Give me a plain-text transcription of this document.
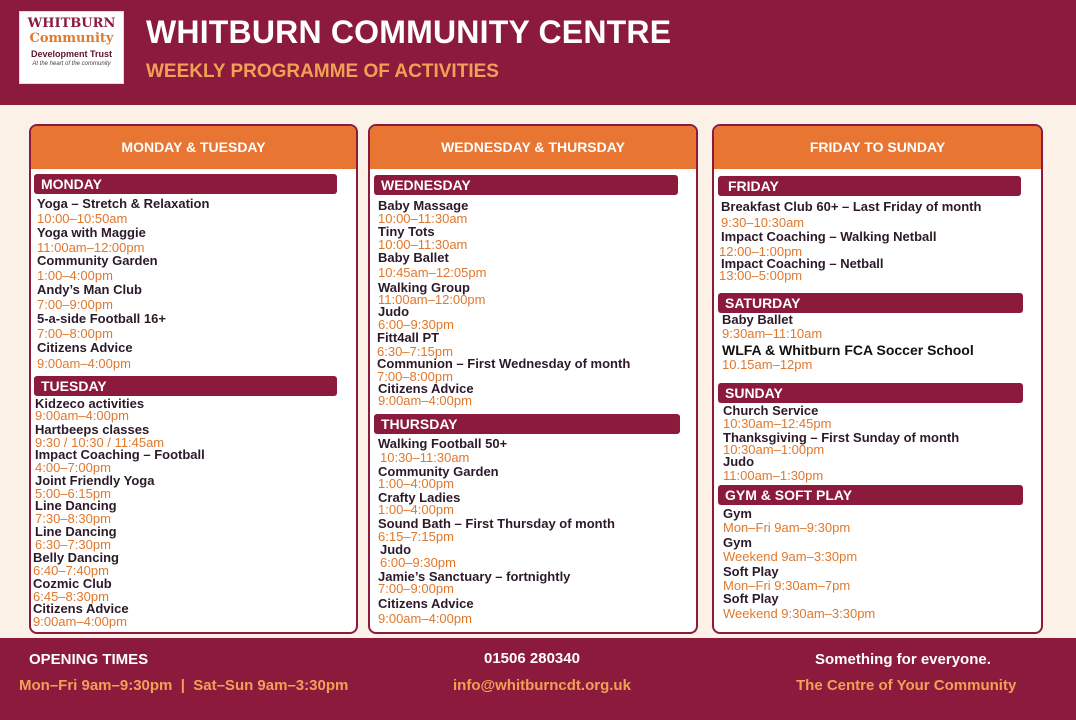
WHITBURN
Community
Development Trust
At the heart of the community
WHITBURN COMMUNITY CENTRE
WEEKLY PROGRAMME OF ACTIVITIES
MONDAY & TUESDAY
MONDAY
Yoga – Stretch & Relaxation
10:00–10:50am
Yoga with Maggie
11:00am–12:00pm
Community Garden
1:00–4:00pm
Andy’s Man Club
7:00–9:00pm
5-a-side Football 16+
7:00–8:00pm
Citizens Advice
9:00am–4:00pm
TUESDAY
Kidzeco activities
9:00am–4:00pm
Hartbeeps classes
9:30 / 10:30 / 11:45am
Impact Coaching – Football
4:00–7:00pm
Joint Friendly Yoga
5:00–6:15pm
Line Dancing
7:30–8:30pm
Line Dancing
6:30–7:30pm
Belly Dancing
6:40–7:40pm
Cozmic Club
6:45–8:30pm
Citizens Advice
9:00am–4:00pm
WEDNESDAY & THURSDAY
WEDNESDAY
Baby Massage
10:00–11:30am
Tiny Tots
10:00–11:30am
Baby Ballet
10:45am–12:05pm
Walking Group
11:00am–12:00pm
Judo
6:00–9:30pm
Fitt4all PT
6:30–7:15pm
Communion – First Wednesday of month
7:00–8:00pm
Citizens Advice
9:00am–4:00pm
THURSDAY
Walking Football 50+
10:30–11:30am
Community Garden
1:00–4:00pm
Crafty Ladies
1:00–4:00pm
Sound Bath – First Thursday of month
6:15–7:15pm
Judo
6:00–9:30pm
Jamie’s Sanctuary – fortnightly
7:00–9:00pm
Citizens Advice
9:00am–4:00pm
FRIDAY TO SUNDAY
FRIDAY
Breakfast Club 60+ – Last Friday of month
9:30–10:30am
Impact Coaching – Walking Netball
12:00–1:00pm
Impact Coaching – Netball
13:00–5:00pm
SATURDAY
Baby Ballet
9:30am–11:10am
WLFA & Whitburn FCA Soccer School
10.15am–12pm
SUNDAY
Church Service
10:30am–12:45pm
Thanksgiving – First Sunday of month
10:30am–1:00pm
Judo
11:00am–1:30pm
GYM & SOFT PLAY
Gym
Mon–Fri 9am–9:30pm
Gym
Weekend 9am–3:30pm
Soft Play
Mon–Fri 9:30am–7pm
Soft Play
Weekend 9:30am–3:30pm
OPENING TIMES
Mon–Fri 9am–9:30pm  |  Sat–Sun 9am–3:30pm
01506 280340
info@whitburncdt.org.uk
Something for everyone.
The Centre of Your Community
